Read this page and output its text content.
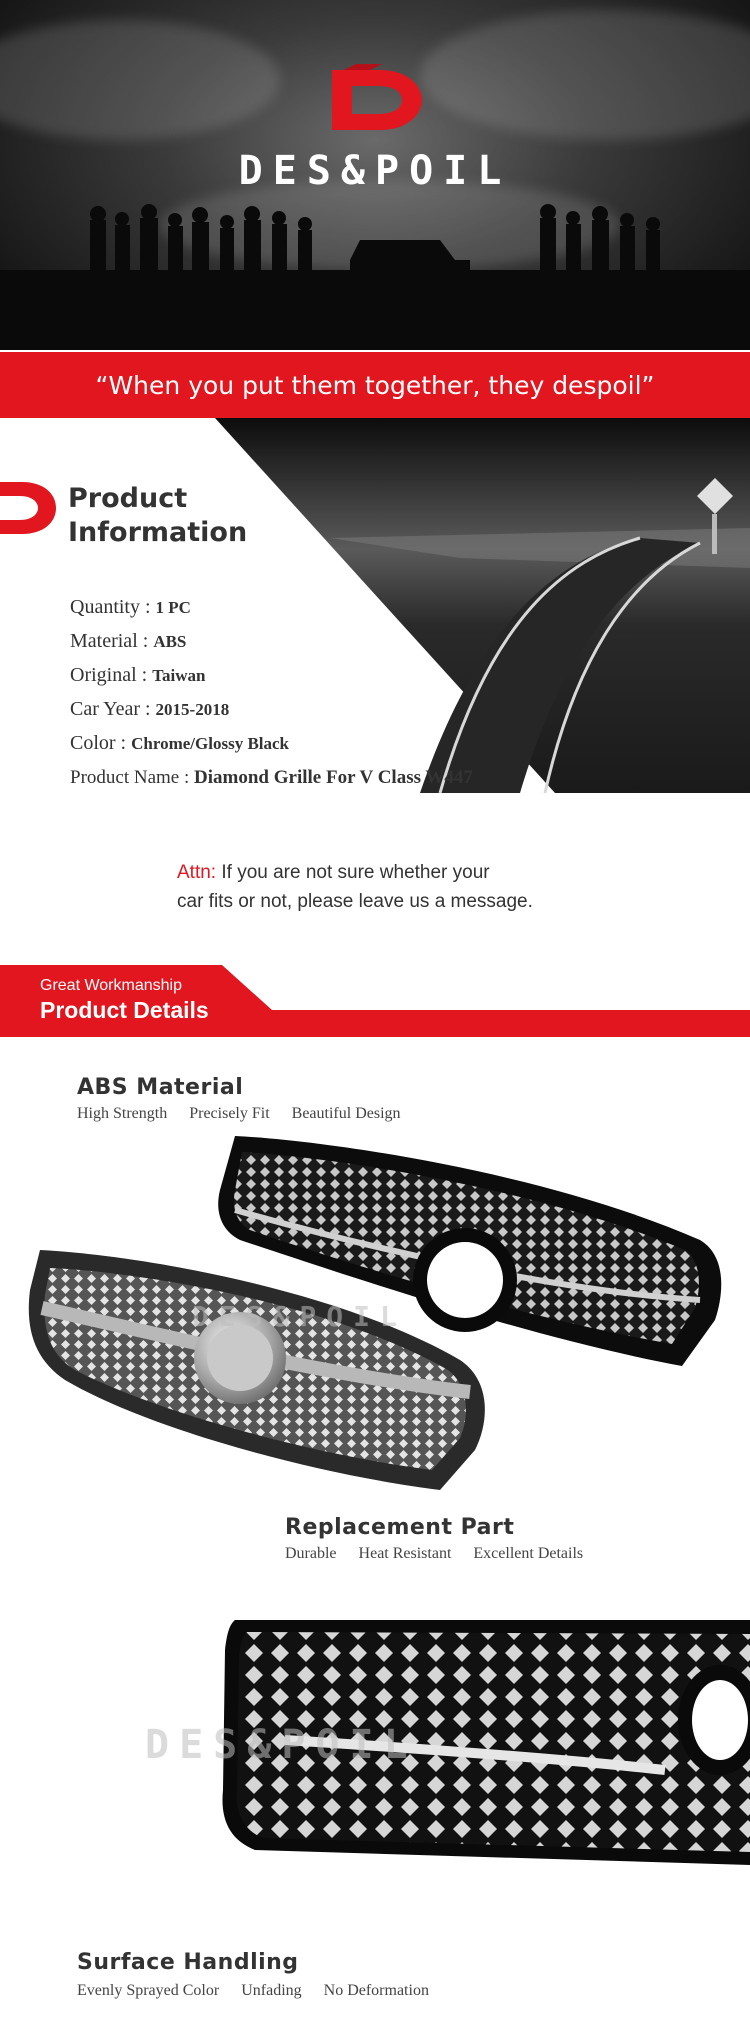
DES&POIL
“When you put them together, they despoil”
Product
Information
Quantity : 1 PC
Material : ABS
Original : Taiwan
Car Year : 2015-2018
Color : Chrome/Glossy Black
Product Name : Diamond Grille For V Class W447
Attn: If you are not sure whether your
car fits or not, please leave us a message.
Great Workmanship
Product Details
ABS Material
High Strength Precisely Fit Beautiful Design
DES&POIL
Replacement Part
Durable Heat Resistant Excellent Details
DES&POIL
Surface Handling
Evenly Sprayed Color Unfading No Deformation
